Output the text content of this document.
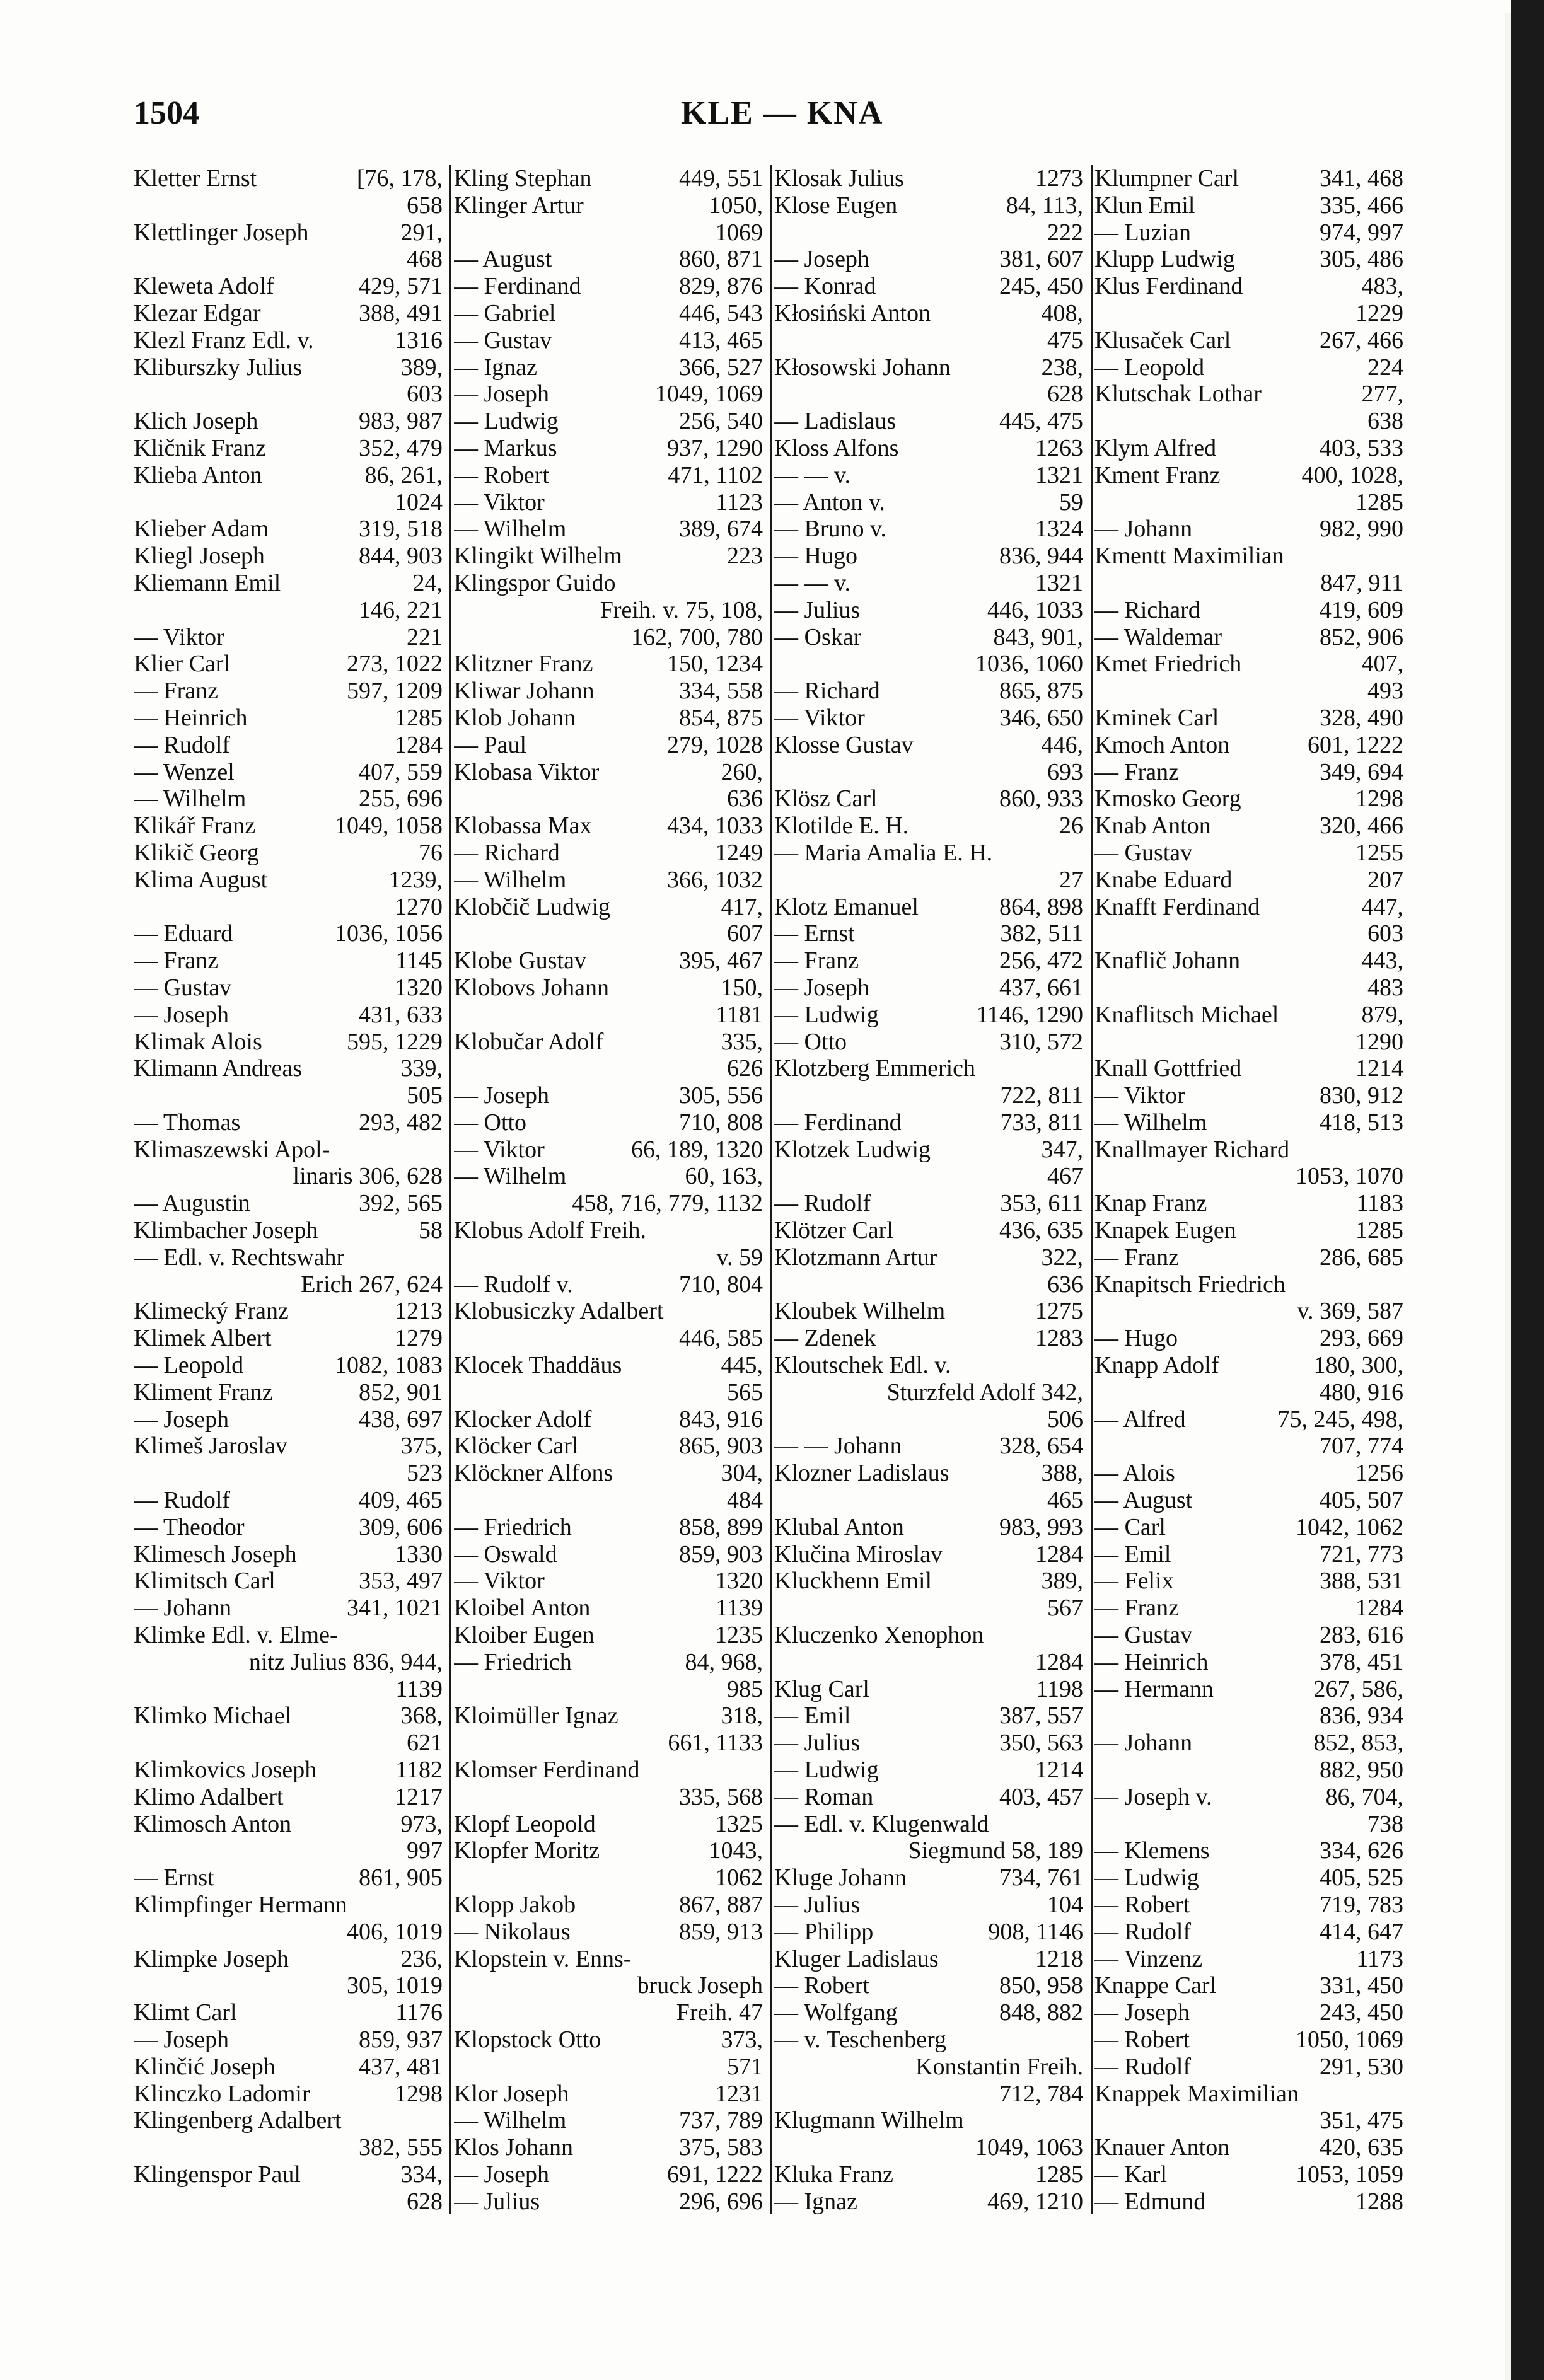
1504	KLE — KNA
[76, 178,
Kletter Ernst
658
291,
Klettlinger Joseph
468
429, 571
Kleweta Adolf
388, 491
Klezar Edgar
1316
Klezl Franz Edl. v.
389,
Kliburszky Julius
603
983, 987
Klich Joseph
352, 479
Kličnik Franz
86, 261,
Klieba Anton
1024
319, 518
Klieber Adam
844, 903
Kliegl Joseph
24,
Kliemann Emil
146, 221
221
— Viktor
273, 1022
Klier Carl
597, 1209
— Franz
1285
— Heinrich
1284
— Rudolf
407, 559
— Wenzel
255, 696
— Wilhelm
1049, 1058
Klikář Franz
76
Klikič Georg
1239,
Klima August
1270
1036, 1056
— Eduard
1145
— Franz
1320
— Gustav
431, 633
— Joseph
595, 1229
Klimak Alois
339,
Klimann Andreas
505
293, 482
— Thomas
Klimaszewski Apol-
linaris 306, 628
392, 565
— Augustin
58
Klimbacher Joseph
— Edl. v. Rechtswahr
Erich 267, 624
1213
Klimecký Franz
1279
Klimek Albert
1082, 1083
— Leopold
852, 901
Kliment Franz
438, 697
— Joseph
375,
Klimeš Jaroslav
523
409, 465
— Rudolf
309, 606
— Theodor
1330
Klimesch Joseph
353, 497
Klimitsch Carl
341, 1021
— Johann
Klimke Edl. v. Elme-
nitz Julius 836, 944,
1139
368,
Klimko Michael
621
1182
Klimkovics Joseph
1217
Klimo Adalbert
973,
Klimosch Anton
997
861, 905
— Ernst
Klimpfinger Hermann
406, 1019
236,
Klimpke Joseph
305, 1019
1176
Klimt Carl
859, 937
— Joseph
437, 481
Klinčić Joseph
1298
Klinczko Ladomir
Klingenberg Adalbert
382, 555
334,
Klingenspor Paul
628
449, 551
Kling Stephan
1050,
Klinger Artur
1069
860, 871
— August
829, 876
— Ferdinand
446, 543
— Gabriel
413, 465
— Gustav
366, 527
— Ignaz
1049, 1069
— Joseph
256, 540
— Ludwig
937, 1290
— Markus
471, 1102
— Robert
1123
— Viktor
389, 674
— Wilhelm
223
Klingikt Wilhelm
Klingspor Guido
Freih. v. 75, 108,
162, 700, 780
150, 1234
Klitzner Franz
334, 558
Kliwar Johann
854, 875
Klob Johann
279, 1028
— Paul
260,
Klobasa Viktor
636
434, 1033
Klobassa Max
1249
— Richard
366, 1032
— Wilhelm
417,
Klobčič Ludwig
607
395, 467
Klobe Gustav
150,
Klobovs Johann
1181
335,
Klobučar Adolf
626
305, 556
— Joseph
710, 808
— Otto
66, 189, 1320
— Viktor
60, 163,
— Wilhelm
458, 716, 779, 1132
Klobus Adolf Freih.
v. 59
710, 804
— Rudolf v.
Klobusiczky Adalbert
446, 585
445,
Klocek Thaddäus
565
843, 916
Klocker Adolf
865, 903
Klöcker Carl
304,
Klöckner Alfons
484
858, 899
— Friedrich
859, 903
— Oswald
1320
— Viktor
1139
Kloibel Anton
1235
Kloiber Eugen
84, 968,
— Friedrich
985
318,
Kloimüller Ignaz
661, 1133
Klomser Ferdinand
335, 568
1325
Klopf Leopold
1043,
Klopfer Moritz
1062
867, 887
Klopp Jakob
859, 913
— Nikolaus
Klopstein v. Enns-
bruck Joseph
Freih. 47
373,
Klopstock Otto
571
1231
Klor Joseph
737, 789
— Wilhelm
375, 583
Klos Johann
691, 1222
— Joseph
296, 696
— Julius
1273
Klosak Julius
84, 113,
Klose Eugen
222
381, 607
— Joseph
245, 450
— Konrad
408,
Kłosiński Anton
475
238,
Kłosowski Johann
628
445, 475
— Ladislaus
1263
Kloss Alfons
1321
— — v.
59
— Anton v.
1324
— Bruno v.
836, 944
— Hugo
1321
— — v.
446, 1033
— Julius
843, 901,
— Oskar
1036, 1060
865, 875
— Richard
346, 650
— Viktor
446,
Klosse Gustav
693
860, 933
Klösz Carl
26
Klotilde E. H.
— Maria Amalia E. H.
27
864, 898
Klotz Emanuel
382, 511
— Ernst
256, 472
— Franz
437, 661
— Joseph
1146, 1290
— Ludwig
310, 572
— Otto
Klotzberg Emmerich
722, 811
733, 811
— Ferdinand
347,
Klotzek Ludwig
467
353, 611
— Rudolf
436, 635
Klötzer Carl
322,
Klotzmann Artur
636
1275
Kloubek Wilhelm
1283
— Zdenek
Kloutschek Edl. v.
Sturzfeld Adolf 342,
506
328, 654
— — Johann
388,
Klozner Ladislaus
465
983, 993
Klubal Anton
1284
Klučina Miroslav
389,
Kluckhenn Emil
567
Kluczenko Xenophon
1284
1198
Klug Carl
387, 557
— Emil
350, 563
— Julius
1214
— Ludwig
403, 457
— Roman
— Edl. v. Klugenwald
Siegmund 58, 189
734, 761
Kluge Johann
104
— Julius
908, 1146
— Philipp
1218
Kluger Ladislaus
850, 958
— Robert
848, 882
— Wolfgang
— v. Teschenberg
Konstantin Freih.
712, 784
Klugmann Wilhelm
1049, 1063
1285
Kluka Franz
469, 1210
— Ignaz
341, 468
Klumpner Carl
335, 466
Klun Emil
974, 997
— Luzian
305, 486
Klupp Ludwig
483,
Klus Ferdinand
1229
267, 466
Klusaček Carl
224
— Leopold
277,
Klutschak Lothar
638
403, 533
Klym Alfred
400, 1028,
Kment Franz
1285
982, 990
— Johann
Kmentt Maximilian
847, 911
419, 609
— Richard
852, 906
— Waldemar
407,
Kmet Friedrich
493
328, 490
Kminek Carl
601, 1222
Kmoch Anton
349, 694
— Franz
1298
Kmosko Georg
320, 466
Knab Anton
1255
— Gustav
207
Knabe Eduard
447,
Knafft Ferdinand
603
443,
Knaflič Johann
483
879,
Knaflitsch Michael
1290
1214
Knall Gottfried
830, 912
— Viktor
418, 513
— Wilhelm
Knallmayer Richard
1053, 1070
1183
Knap Franz
1285
Knapek Eugen
286, 685
— Franz
Knapitsch Friedrich
v. 369, 587
293, 669
— Hugo
180, 300,
Knapp Adolf
480, 916
75, 245, 498,
— Alfred
707, 774
1256
— Alois
405, 507
— August
1042, 1062
— Carl
721, 773
— Emil
388, 531
— Felix
1284
— Franz
283, 616
— Gustav
378, 451
— Heinrich
267, 586,
— Hermann
836, 934
852, 853,
— Johann
882, 950
86, 704,
— Joseph v.
738
334, 626
— Klemens
405, 525
— Ludwig
719, 783
— Robert
414, 647
— Rudolf
1173
— Vinzenz
331, 450
Knappe Carl
243, 450
— Joseph
1050, 1069
— Robert
291, 530
— Rudolf
Knappek Maximilian
351, 475
420, 635
Knauer Anton
1053, 1059
— Karl
1288
— Edmund
